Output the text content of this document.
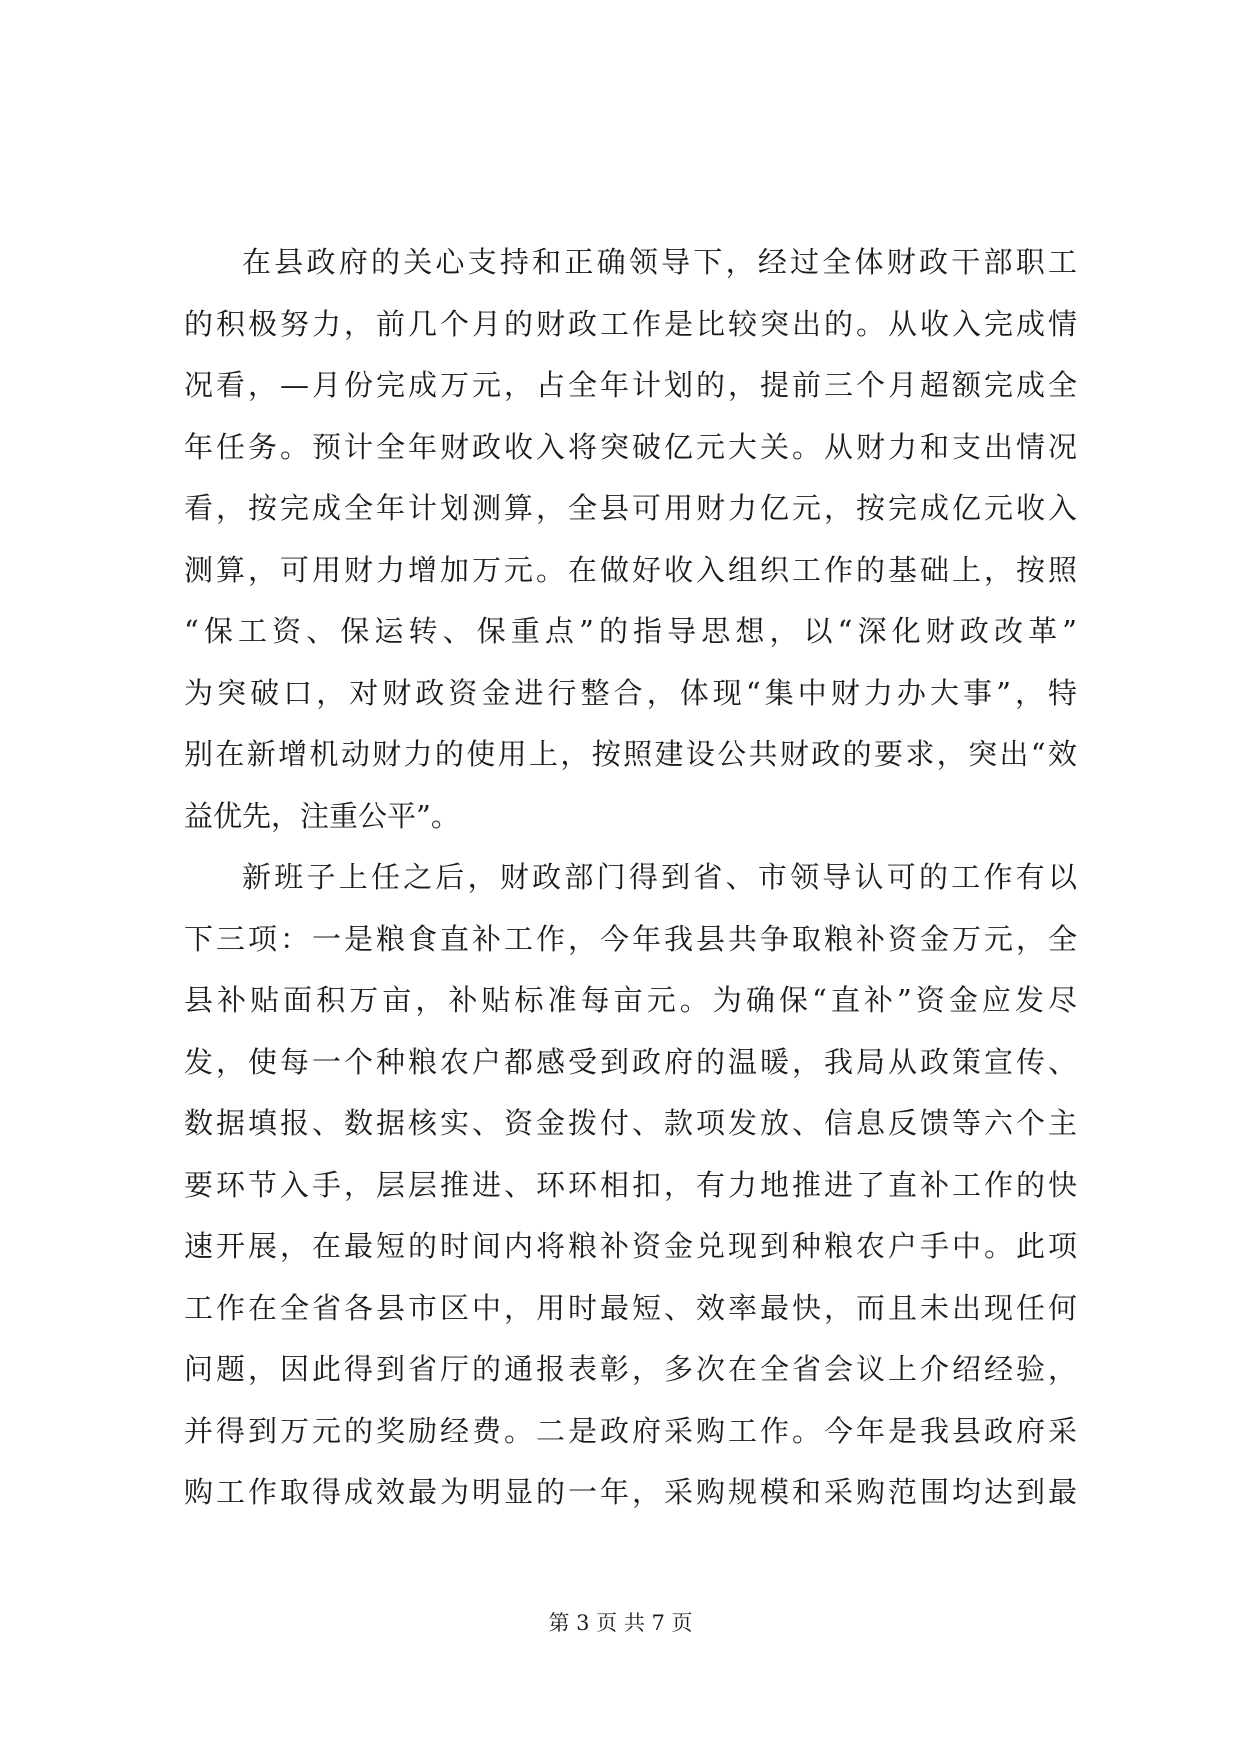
在县政府的关心支持和正确领导下，经过全体财政干部职工
的积极努力，前几个月的财政工作是比较突出的。从收入完成情
况看，—月份完成万元，占全年计划的，提前三个月超额完成全
年任务。预计全年财政收入将突破亿元大关。从财力和支出情况
看，按完成全年计划测算，全县可用财力亿元，按完成亿元收入
测算，可用财力增加万元。在做好收入组织工作的基础上，按照
“保工资、保运转、保重点”的指导思想，以“深化财政改革”
为突破口，对财政资金进行整合，体现“集中财力办大事”，特
别在新增机动财力的使用上，按照建设公共财政的要求，突出“效
益优先，注重公平”。
新班子上任之后，财政部门得到省、市领导认可的工作有以
下三项：一是粮食直补工作，今年我县共争取粮补资金万元，全
县补贴面积万亩，补贴标准每亩元。为确保“直补”资金应发尽
发，使每一个种粮农户都感受到政府的温暖，我局从政策宣传、
数据填报、数据核实、资金拨付、款项发放、信息反馈等六个主
要环节入手，层层推进、环环相扣，有力地推进了直补工作的快
速开展，在最短的时间内将粮补资金兑现到种粮农户手中。此项
工作在全省各县市区中，用时最短、效率最快，而且未出现任何
问题，因此得到省厅的通报表彰，多次在全省会议上介绍经验，
并得到万元的奖励经费。二是政府采购工作。今年是我县政府采
购工作取得成效最为明显的一年，采购规模和采购范围均达到最
第 3 页 共 7 页
